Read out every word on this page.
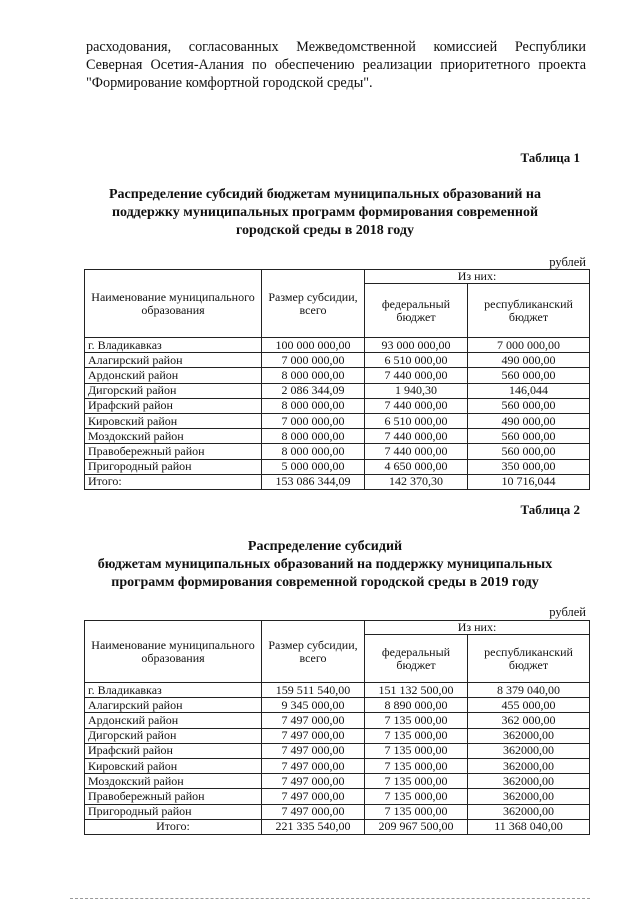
расходования, согласованных Межведомственной комиссией Республики
Северная Осетия-Алания по обеспечению реализации приоритетного проекта
"Формирование комфортной городской среды".
Таблица 1
Распределение субсидий бюджетам муниципальных образований на
поддержку муниципальных программ формирования современной
городской среды в 2018 году
рублей
Наименование муниципального образования	Размер субсидии, всего	Из них:	
		федеральный бюджет	республиканский бюджет
г. Владикавказ	100 000 000,00	93 000 000,00	7 000 000,00
Алагирский район	7 000 000,00	6 510 000,00	490 000,00
Ардонский район	8 000 000,00	7 440 000,00	560 000,00
Дигорский район	2 086 344,09	1 940,30	146,044
Ирафский район	8 000 000,00	7 440 000,00	560 000,00
Кировский район	7 000 000,00	6 510 000,00	490 000,00
Моздокский район	8 000 000,00	7 440 000,00	560 000,00
Правобережный район	8 000 000,00	7 440 000,00	560 000,00
Пригородный район	5 000 000,00	4 650 000,00	350 000,00
Итого:	153 086 344,09	142 370,30	10 716,044
Таблица 2
Распределение субсидий
бюджетам муниципальных образований на поддержку муниципальных
программ формирования современной городской среды в 2019 году
рублей
Наименование муниципального образования	Размер субсидии, всего	Из них:	
		федеральный бюджет	республиканский бюджет
г. Владикавказ	159 511 540,00	151 132 500,00	8 379 040,00
Алагирский район	9 345 000,00	8 890 000,00	455 000,00
Ардонский район	7 497 000,00	7 135 000,00	362 000,00
Дигорский район	7 497 000,00	7 135 000,00	362000,00
Ирафский район	7 497 000,00	7 135 000,00	362000,00
Кировский район	7 497 000,00	7 135 000,00	362000,00
Моздокский район	7 497 000,00	7 135 000,00	362000,00
Правобережный район	7 497 000,00	7 135 000,00	362000,00
Пригородный район	7 497 000,00	7 135 000,00	362000,00
Итого:	221 335 540,00	209 967 500,00	11 368 040,00
